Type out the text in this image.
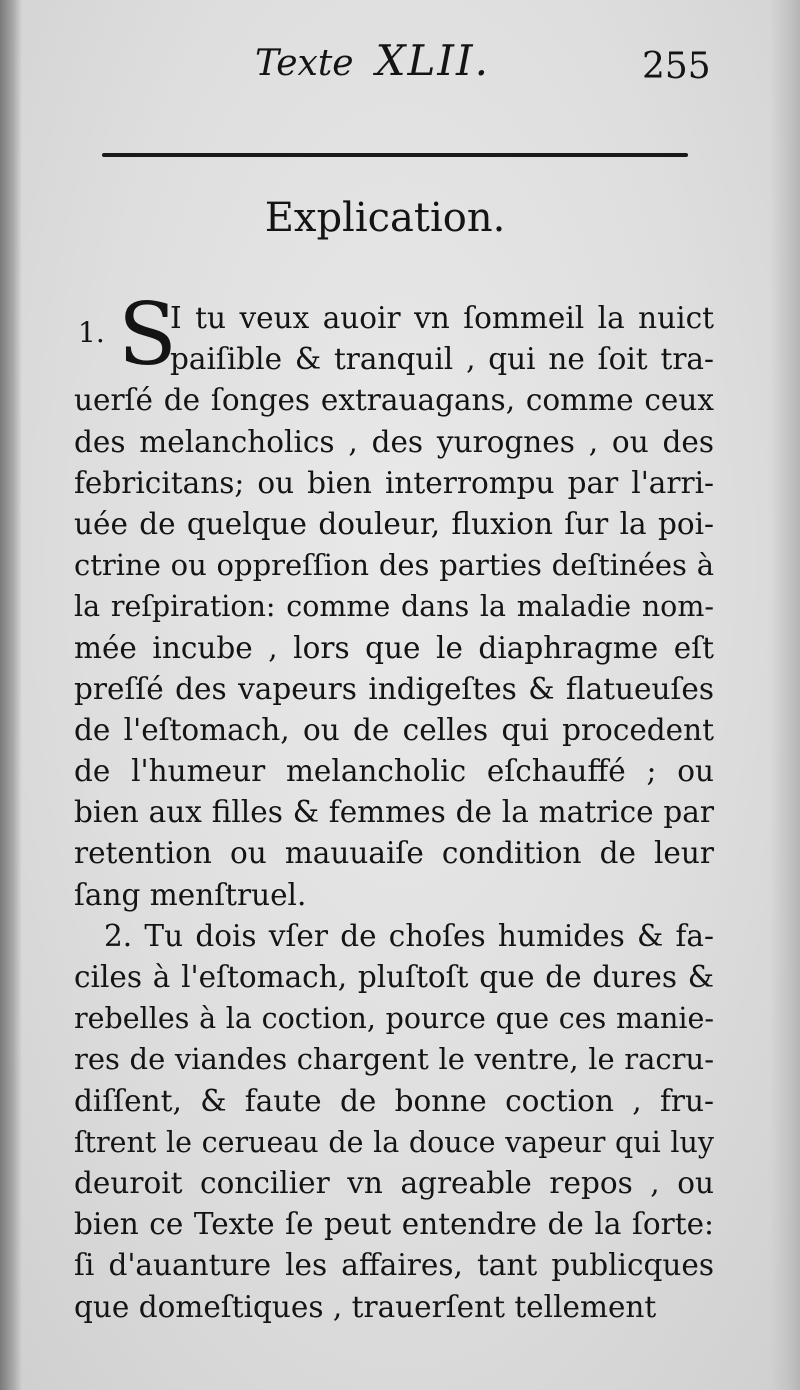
Texte XLII.	255
Explication.
1. S
I tu veux auoir vn ſommeil la nuict
paiſible & tranquil , qui ne ſoit tra-
uerſé de ſonges extrauagans, comme ceux
des melancholics , des yurognes , ou des
febricitans; ou bien interrompu par l'arri-
uée de quelque douleur, fluxion ſur la poi-
ctrine ou oppreſſion des parties deſtinées à
la reſpiration: comme dans la maladie nom-
mée incube , lors que le diaphragme eſt
preſſé des vapeurs indigeſtes & flatueuſes
de l'eſtomach, ou de celles qui procedent
de l'humeur melancholic eſchauffé ; ou
bien aux filles & femmes de la matrice par
retention ou mauuaiſe condition de leur
ſang menſtruel.
2. Tu dois vſer de choſes humides & fa-
ciles à l'eſtomach, pluſtoſt que de dures &
rebelles à la coction, pource que ces manie-
res de viandes chargent le ventre, le racru-
diſſent, & faute de bonne coction , fru-
ſtrent le cerueau de la douce vapeur qui luy
deuroit concilier vn agreable repos , ou
bien ce Texte ſe peut entendre de la ſorte:
ſi d'auanture les affaires, tant publicques
que domeſtiques , trauerſent tellement
